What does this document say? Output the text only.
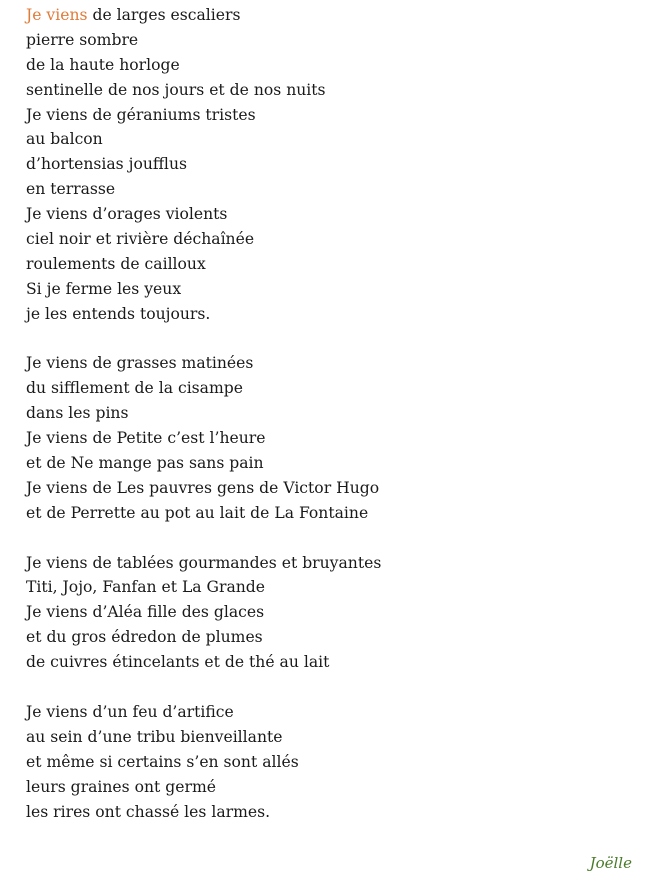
Je viens de larges escaliers
pierre sombre
de la haute horloge
sentinelle de nos jours et de nos nuits
Je viens de géraniums tristes
au balcon
d’hortensias joufflus
en terrasse
Je viens d’orages violents
ciel noir et rivière déchaînée
roulements de cailloux
Si je ferme les yeux
je les entends toujours.
Je viens de grasses matinées
du sifflement de la cisampe
dans les pins
Je viens de Petite c’est l’heure
et de Ne mange pas sans pain
Je viens de Les pauvres gens de Victor Hugo
et de Perrette au pot au lait de La Fontaine
Je viens de tablées gourmandes et bruyantes
Titi, Jojo, Fanfan et La Grande
Je viens d’Aléa fille des glaces
et du gros édredon de plumes
de cuivres étincelants et de thé au lait
Je viens d’un feu d’artifice
au sein d’une tribu bienveillante
et même si certains s’en sont allés
leurs graines ont germé
les rires ont chassé les larmes.
Joëlle
